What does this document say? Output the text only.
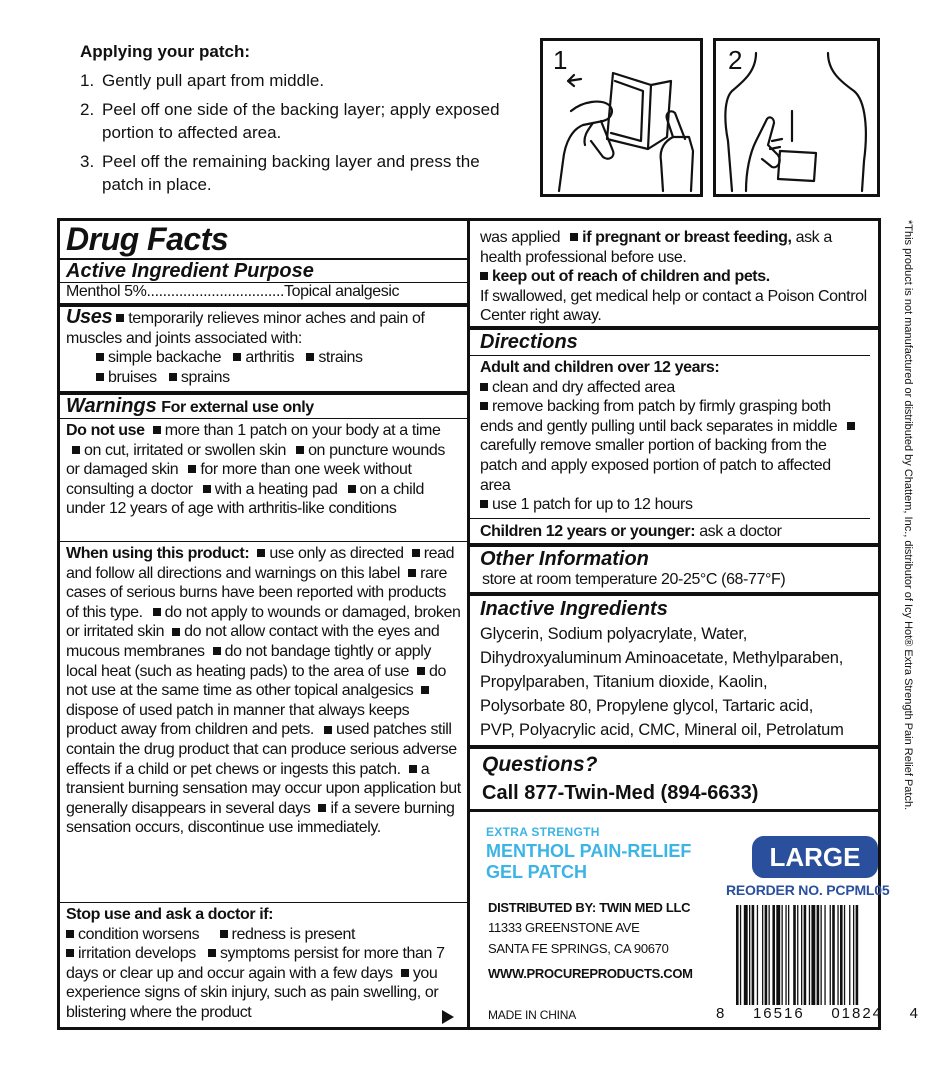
Applying your patch:
1. Gently pull apart from middle.
2. Peel off one side of the backing layer; apply exposed portion to affected area.
3. Peel off the remaining backing layer and press the patch in place.
1	2
Drug Facts
Active Ingredient Purpose
Menthol 5%..................................Topical analgesic

Uses temporarily relieves minor aches and pain of muscles and joints associated with:

simple backache arthritis strains

bruises sprains

Warnings For external use only
Do not use more than 1 patch on your body at a time on cut, irritated or swollen skin on puncture wounds or damaged skin for more than one week without consulting a doctor with a heating pad on a child under 12 years of age with arthritis-like conditions
When using this product: use only as directed read and follow all directions and warnings on this label rare cases of serious burns have been reported with products of this type. do not apply to wounds or damaged, broken or irritated skin do not allow contact with the eyes and mucous membranes do not bandage tightly or apply local heat (such as heating pads) to the area of use do not use at the same time as other topical analgesics dispose of used patch in manner that always keeps product away from children and pets. used patches still contain the drug product that can produce serious adverse effects if a child or pet chews or ingests this patch. a transient burning sensation may occur upon application but generally disappears in several days if a severe burning sensation occurs, discontinue use immediately.

Stop use and ask a doctor if:

condition worsens redness is present

irritation develops symptoms persist for more than 7 days or clear up and occur again with a few days you experience signs of skin injury, such as pain swelling, or blistering where the product

was applied if pregnant or breast feeding, ask a health professional before use.

keep out of reach of children and pets.

If swallowed, get medical help or contact a Poison Control Center right away.

Directions

Adult and children over 12 years:

clean and dry affected area

remove backing from patch by firmly grasping both ends and gently pulling until back separates in middle carefully remove smaller portion of backing from the patch and apply exposed portion of patch to affected area

use 1 patch for up to 12 hours

Children 12 years or younger: ask a doctor
Other Information
store at room temperature 20-25°C (68-77°F)
Inactive Ingredients
Glycerin, Sodium polyacrylate, Water,
Dihydroxyaluminum Aminoacetate, Methylparaben,
Propylparaben, Titanium dioxide, Kaolin,
Polysorbate 80, Propylene glycol, Tartaric acid,
PVP, Polyacrylic acid, CMC, Mineral oil, Petrolatum
Questions?
Call 877-Twin-Med (894-6633)
EXTRA STRENGTH
MENTHOL PAIN-RELIEF
GEL PATCH	LARGE
REORDER NO. PCPML05
DISTRIBUTED BY: TWIN MED LLC
11333 GREENSTONE AVE
SANTA FE SPRINGS, CA 90670
WWW.PROCUREPRODUCTS.COM
MADE IN CHINA	8 16516 01824 4
*This product is not manufactured or distributed by Chattem, Inc., distributor of Icy Hot® Extra Strength Pain Relief Patch.
